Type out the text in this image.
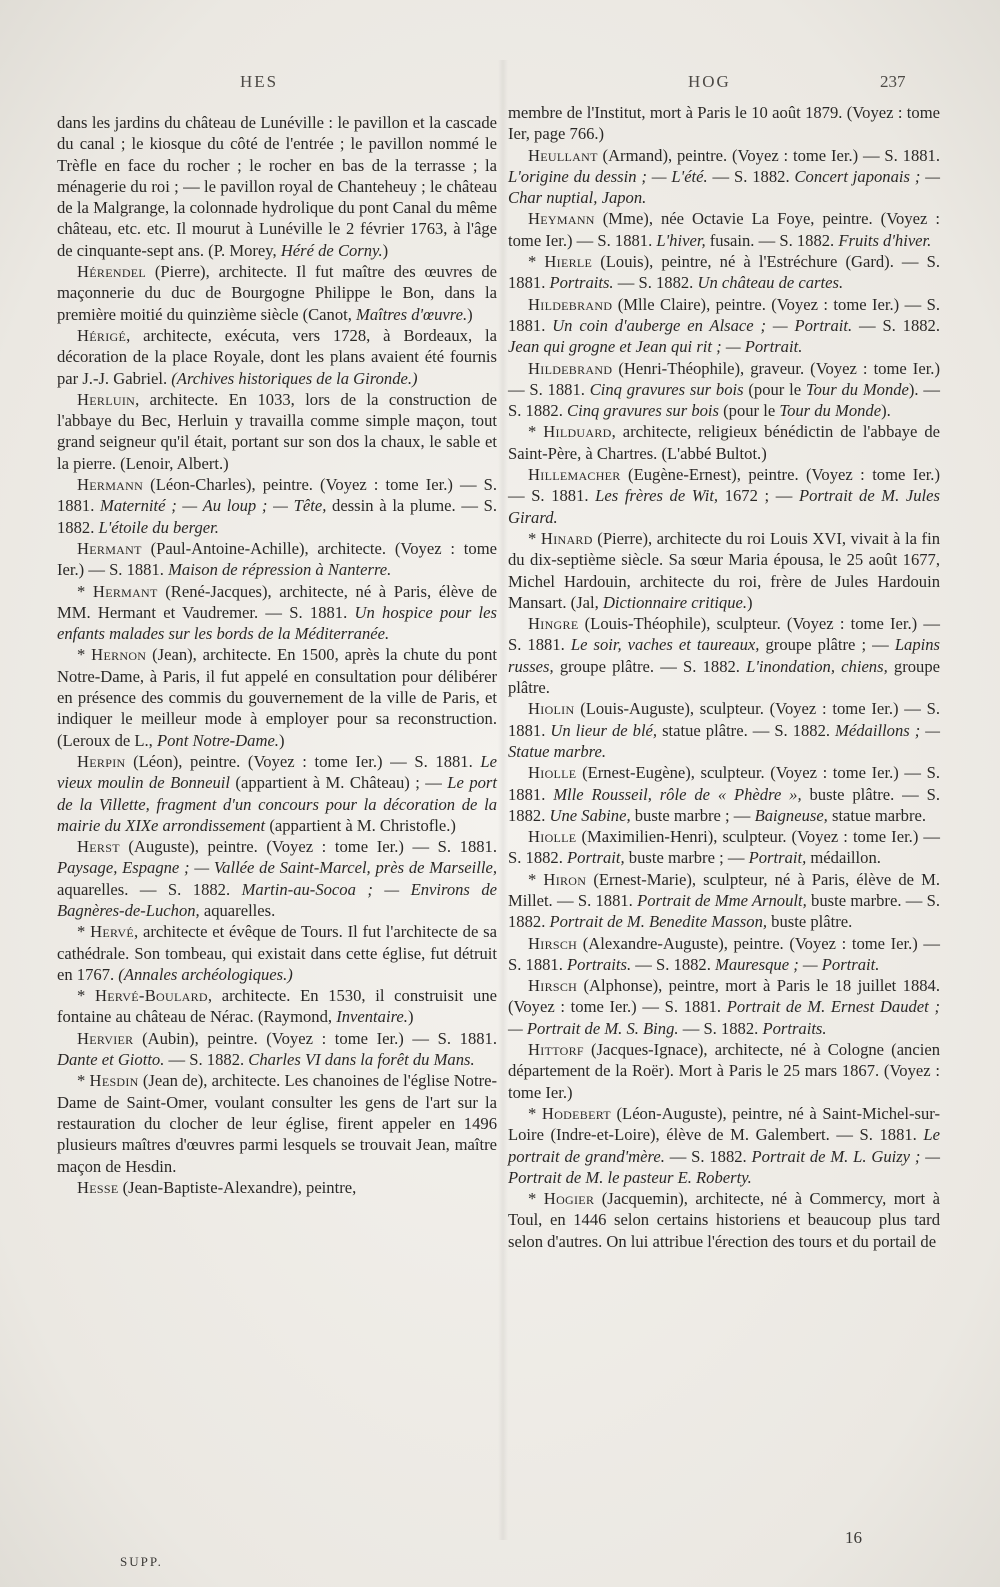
HES	HOG	237

dans les jardins du château de Lunéville : le pavillon et la cascade du canal ; le kiosque du côté de l'entrée ; le pavillon nommé le Trèfle en face du rocher ; le rocher en bas de la terrasse ; la ménagerie du roi ; — le pavillon royal de Chanteheuy ; le château de la Malgrange, la colonnade hydrolique du pont Canal du même château, etc. etc. Il mourut à Lunéville le 2 février 1763, à l'âge de cinquante-sept ans. (P. Morey, Héré de Corny.)

Hérendel (Pierre), architecte. Il fut maître des œuvres de maçonnerie du duc de Bourgogne Philippe le Bon, dans la première moitié du quinzième siècle (Canot, Maîtres d'œuvre.)

Hérigé, architecte, exécuta, vers 1728, à Bordeaux, la décoration de la place Royale, dont les plans avaient été fournis par J.-J. Gabriel. (Archives historiques de la Gironde.)

Herluin, architecte. En 1033, lors de la construction de l'abbaye du Bec, Herluin y travailla comme simple maçon, tout grand seigneur qu'il était, portant sur son dos la chaux, le sable et la pierre. (Lenoir, Albert.)

Hermann (Léon-Charles), peintre. (Voyez : tome Ier.) — S. 1881. Maternité ; — Au loup ; — Tête, dessin à la plume. — S. 1882. L'étoile du berger.

Hermant (Paul-Antoine-Achille), architecte. (Voyez : tome Ier.) — S. 1881. Maison de répression à Nanterre.

* Hermant (René-Jacques), architecte, né à Paris, élève de MM. Hermant et Vaudremer. — S. 1881. Un hospice pour les enfants malades sur les bords de la Méditerranée.

* Hernon (Jean), architecte. En 1500, après la chute du pont Notre-Dame, à Paris, il fut appelé en consultation pour délibérer en présence des commis du gouvernement de la ville de Paris, et indiquer le meilleur mode à employer pour sa reconstruction. (Leroux de L., Pont Notre-Dame.)

Herpin (Léon), peintre. (Voyez : tome Ier.) — S. 1881. Le vieux moulin de Bonneuil (appartient à M. Château) ; — Le port de la Villette, fragment d'un concours pour la décoration de la mairie du XIXe arrondissement (appartient à M. Christofle.)

Herst (Auguste), peintre. (Voyez : tome Ier.) — S. 1881. Paysage, Espagne ; — Vallée de Saint-Marcel, près de Marseille, aquarelles. — S. 1882. Martin-au-Socoa ; — Environs de Bagnères-de-Luchon, aquarelles.

* Hervé, architecte et évêque de Tours. Il fut l'architecte de sa cathédrale. Son tombeau, qui existait dans cette église, fut détruit en 1767. (Annales archéologiques.)

* Hervé-Boulard, architecte. En 1530, il construisit une fontaine au château de Nérac. (Raymond, Inventaire.)

Hervier (Aubin), peintre. (Voyez : tome Ier.) — S. 1881. Dante et Giotto. — S. 1882. Charles VI dans la forêt du Mans.

* Hesdin (Jean de), architecte. Les chanoines de l'église Notre-Dame de Saint-Omer, voulant consulter les gens de l'art sur la restauration du clocher de leur église, firent appeler en 1496 plusieurs maîtres d'œuvres parmi lesquels se trouvait Jean, maître maçon de Hesdin.

Hesse (Jean-Baptiste-Alexandre), peintre,

membre de l'Institut, mort à Paris le 10 août 1879. (Voyez : tome Ier, page 766.)

Heullant (Armand), peintre. (Voyez : tome Ier.) — S. 1881. L'origine du dessin ; — L'été. — S. 1882. Concert japonais ; — Char nuptial, Japon.

Heymann (Mme), née Octavie La Foye, peintre. (Voyez : tome Ier.) — S. 1881. L'hiver, fusain. — S. 1882. Fruits d'hiver.

* Hierle (Louis), peintre, né à l'Estréchure (Gard). — S. 1881. Portraits. — S. 1882. Un château de cartes.

Hildebrand (Mlle Claire), peintre. (Voyez : tome Ier.) — S. 1881. Un coin d'auberge en Alsace ; — Portrait. — S. 1882. Jean qui grogne et Jean qui rit ; — Portrait.

Hildebrand (Henri-Théophile), graveur. (Voyez : tome Ier.) — S. 1881. Cinq gravures sur bois (pour le Tour du Monde). — S. 1882. Cinq gravures sur bois (pour le Tour du Monde).

* Hilduard, architecte, religieux bénédictin de l'abbaye de Saint-Père, à Chartres. (L'abbé Bultot.)

Hillemacher (Eugène-Ernest), peintre. (Voyez : tome Ier.) — S. 1881. Les frères de Wit, 1672 ; — Portrait de M. Jules Girard.

* Hinard (Pierre), architecte du roi Louis XVI, vivait à la fin du dix-septième siècle. Sa sœur Maria épousa, le 25 août 1677, Michel Hardouin, architecte du roi, frère de Jules Hardouin Mansart. (Jal, Dictionnaire critique.)

Hingre (Louis-Théophile), sculpteur. (Voyez : tome Ier.) — S. 1881. Le soir, vaches et taureaux, groupe plâtre ; — Lapins russes, groupe plâtre. — S. 1882. L'inondation, chiens, groupe plâtre.

Hiolin (Louis-Auguste), sculpteur. (Voyez : tome Ier.) — S. 1881. Un lieur de blé, statue plâtre. — S. 1882. Médaillons ; — Statue marbre.

Hiolle (Ernest-Eugène), sculpteur. (Voyez : tome Ier.) — S. 1881. Mlle Rousseil, rôle de « Phèdre », buste plâtre. — S. 1882. Une Sabine, buste marbre ; — Baigneuse, statue marbre.

Hiolle (Maximilien-Henri), sculpteur. (Voyez : tome Ier.) — S. 1882. Portrait, buste marbre ; — Portrait, médaillon.

* Hiron (Ernest-Marie), sculpteur, né à Paris, élève de M. Millet. — S. 1881. Portrait de Mme Arnoult, buste marbre. — S. 1882. Portrait de M. Benedite Masson, buste plâtre.

Hirsch (Alexandre-Auguste), peintre. (Voyez : tome Ier.) — S. 1881. Portraits. — S. 1882. Mauresque ; — Portrait.

Hirsch (Alphonse), peintre, mort à Paris le 18 juillet 1884. (Voyez : tome Ier.) — S. 1881. Portrait de M. Ernest Daudet ; — Portrait de M. S. Bing. — S. 1882. Portraits.

Hittorf (Jacques-Ignace), architecte, né à Cologne (ancien département de la Roër). Mort à Paris le 25 mars 1867. (Voyez : tome Ier.)

* Hodebert (Léon-Auguste), peintre, né à Saint-Michel-sur-Loire (Indre-et-Loire), élève de M. Galembert. — S. 1881. Le portrait de grand'mère. — S. 1882. Portrait de M. L. Guizy ; — Portrait de M. le pasteur E. Roberty.

* Hogier (Jacquemin), architecte, né à Commercy, mort à Toul, en 1446 selon certains historiens et beaucoup plus tard selon d'autres. On lui attribue l'érection des tours et du portail de

SUPP.
16
